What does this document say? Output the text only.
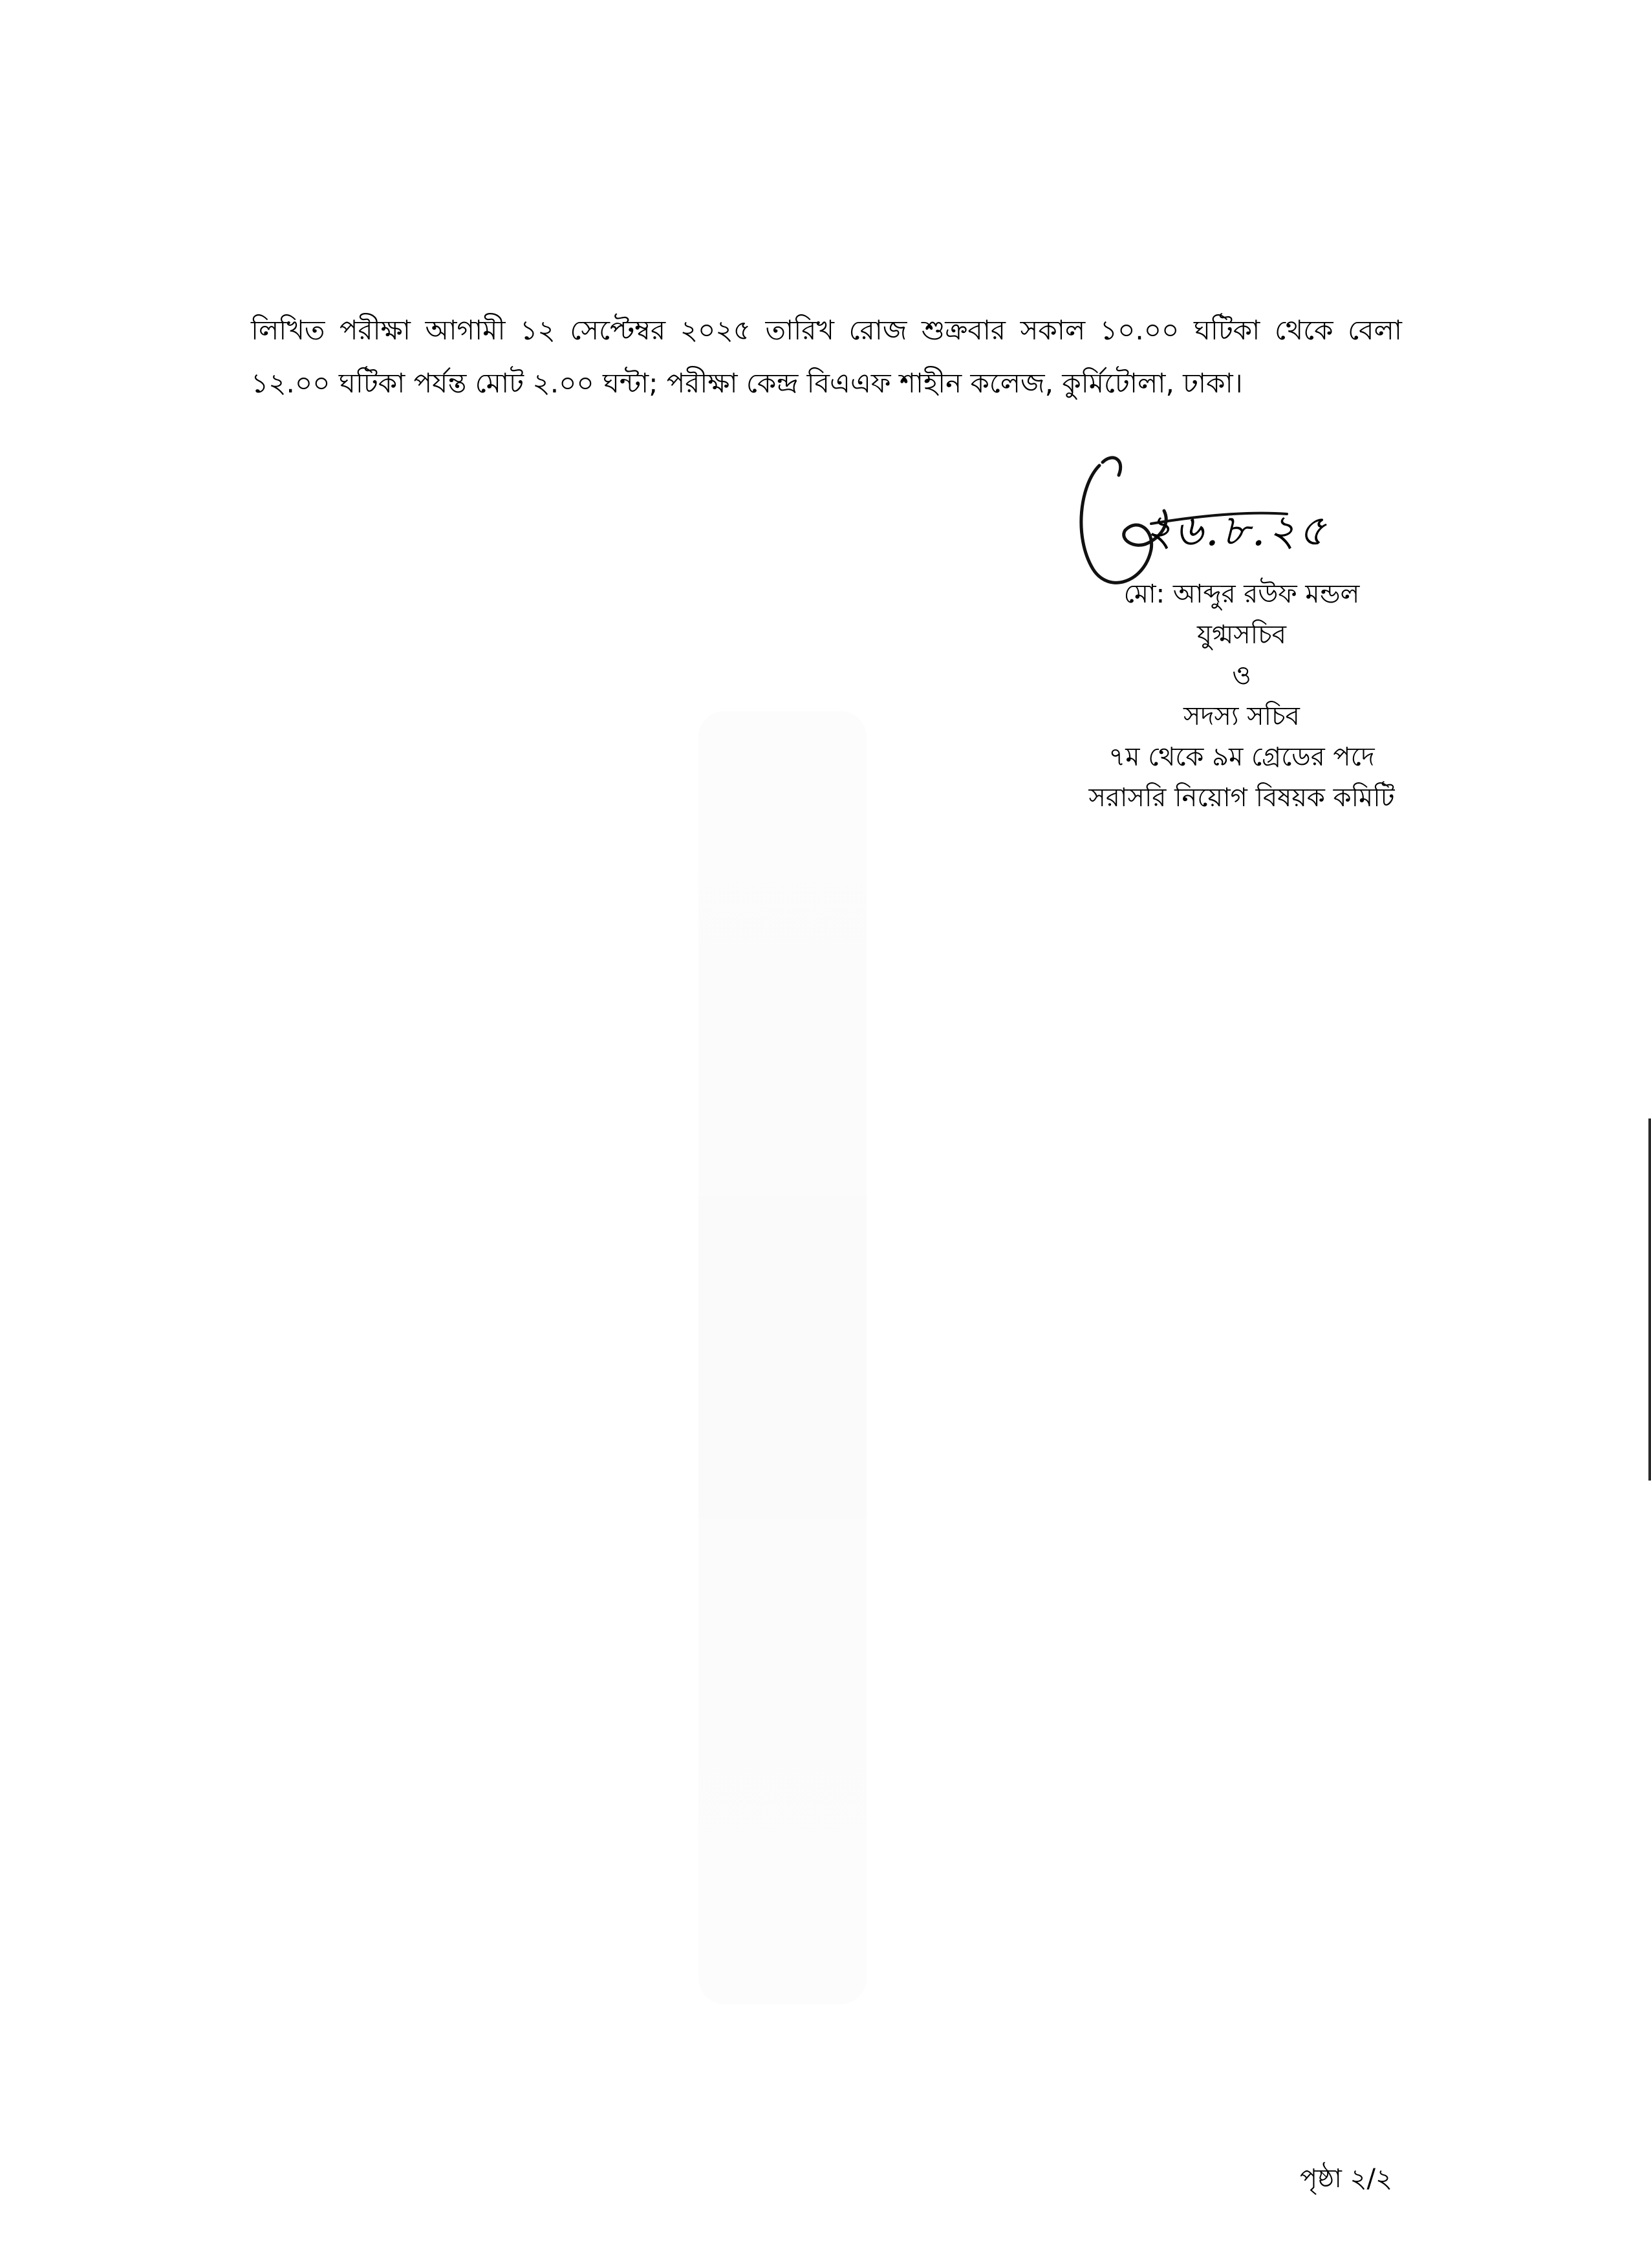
লিখিত পরীক্ষা আগামী ১২ সেপ্টেম্বর ২০২৫ তারিখ রোজ শুক্রবার সকাল ১০.০০ ঘটিকা থেকে বেলা ১২.০০ ঘটিকা পর্যন্ত মোট ২.০০ ঘন্টা; পরীক্ষা কেন্দ্র বিএএফ শাহীন কলেজ, কুর্মিটোলা, ঢাকা।

২৬.৮.২৫
মো: আব্দুর রউফ মন্ডল
যুগ্মসচিব
ও
সদস্য সচিব
৭ম থেকে ৯ম গ্রেডের পদে
সরাসরি নিয়োগ বিষয়ক কমিটি
পৃষ্ঠা ২/২
